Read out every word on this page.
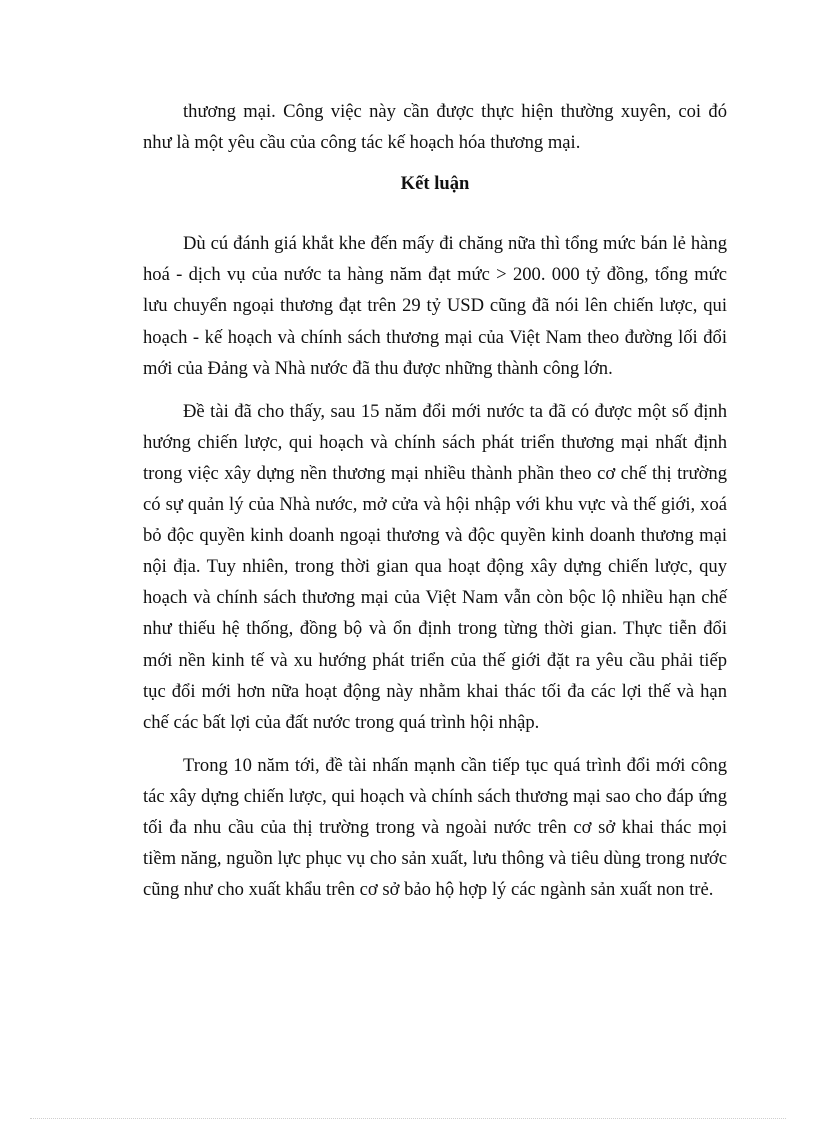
thương mại. Công việc này cần được thực hiện thường xuyên, coi đó như là một yêu cầu của công tác kế hoạch hóa thương mại.

Kết luận

Dù cú đánh giá khắt khe đến mấy đi chăng nữa thì tổng mức bán lẻ hàng hoá - dịch vụ của nước ta hàng năm đạt mức > 200. 000 tỷ đồng, tổng mức lưu chuyển ngoại thương đạt trên 29 tỷ USD cũng đã nói lên chiến lược, qui hoạch - kế hoạch và chính sách thương mại của Việt Nam theo đường lối đổi mới của Đảng và Nhà nước đã thu được những thành công lớn.

Đề tài đã cho thấy, sau 15 năm đổi mới nước ta đã có được một số định hướng chiến lược, qui hoạch và chính sách phát triển thương mại nhất định trong việc xây dựng nền thương mại nhiều thành phần theo cơ chế thị trường có sự quản lý của Nhà nước, mở cửa và hội nhập với khu vực và thế giới, xoá bỏ độc quyền kinh doanh ngoại thương và độc quyền kinh doanh thương mại nội địa. Tuy nhiên, trong thời gian qua hoạt động xây dựng chiến lược, quy hoạch và chính sách thương mại của Việt Nam vẫn còn bộc lộ nhiều hạn chế như thiếu hệ thống, đồng bộ và ổn định trong từng thời gian. Thực tiễn đổi mới nền kinh tế và xu hướng phát triển của thế giới đặt ra yêu cầu phải tiếp tục đổi mới hơn nữa hoạt động này nhằm khai thác tối đa các lợi thế và hạn chế các bất lợi của đất nước trong quá trình hội nhập.

Trong 10 năm tới, đề tài nhấn mạnh cần tiếp tục quá trình đổi mới công tác xây dựng chiến lược, qui hoạch và chính sách thương mại sao cho đáp ứng tối đa nhu cầu của thị trường trong và ngoài nước trên cơ sở khai thác mọi tiềm năng, nguồn lực phục vụ cho sản xuất, lưu thông và tiêu dùng trong nước cũng như cho xuất khẩu trên cơ sở bảo hộ hợp lý các ngành sản xuất non trẻ.
